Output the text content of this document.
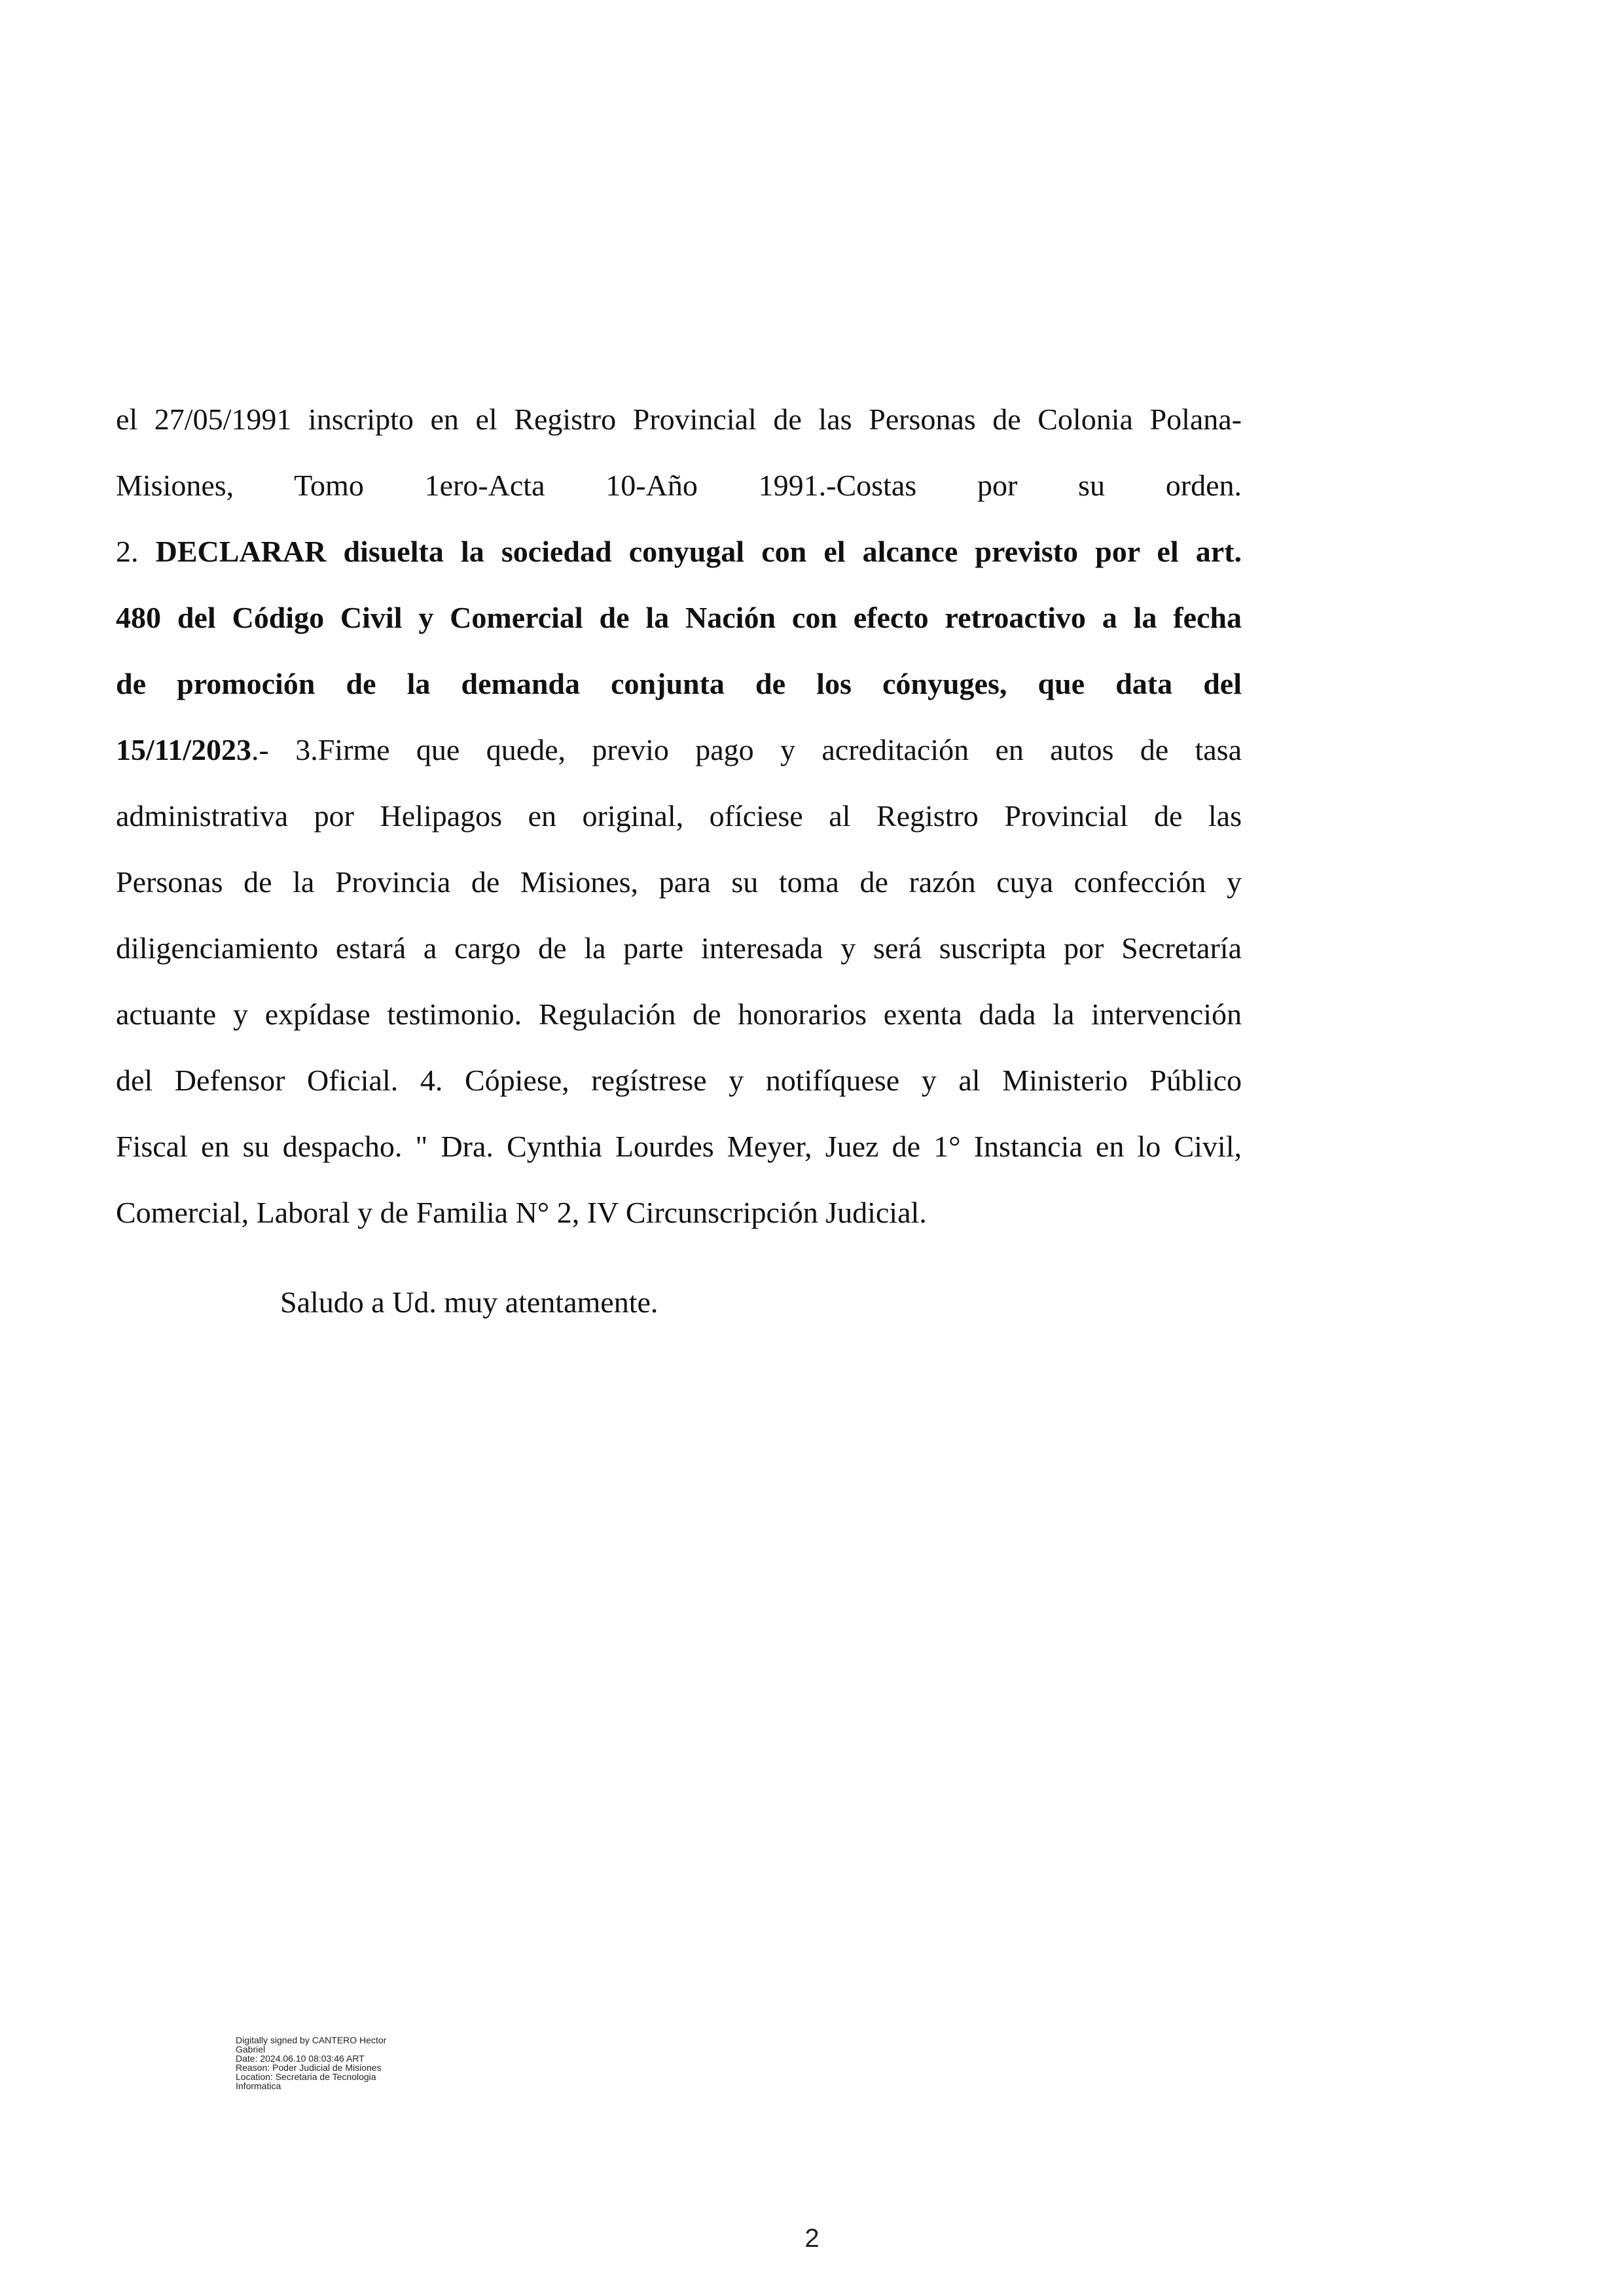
el 27/05/1991 inscripto en el Registro Provincial de las Personas de Colonia Polana-
Misiones, Tomo 1ero-Acta 10-Año 1991.-Costas por su orden.
2. DECLARAR disuelta la sociedad conyugal con el alcance previsto por el art.
480 del Código Civil y Comercial de la Nación con efecto retroactivo a la fecha
de promoción de la demanda conjunta de los cónyuges, que data del
15/11/2023.- 3.Firme que quede, previo pago y acreditación en autos de tasa
administrativa por Helipagos en original, ofíciese al Registro Provincial de las
Personas de la Provincia de Misiones, para su toma de razón cuya confección y
diligenciamiento estará a cargo de la parte interesada y será suscripta por Secretaría
actuante y expídase testimonio. Regulación de honorarios exenta dada la intervención
del Defensor Oficial. 4. Cópiese, regístrese y notifíquese y al Ministerio Público
Fiscal en su despacho. " Dra. Cynthia Lourdes Meyer, Juez de 1° Instancia en lo Civil,
Comercial, Laboral y de Familia N° 2, IV Circunscripción Judicial.
Saludo a Ud. muy atentamente.
Digitally signed by CANTERO Hector
Gabriel
Date: 2024.06.10 08:03:46 ART
Reason: Poder Judicial de Misiones
Location: Secretaria de Tecnologia
Informatica
2
